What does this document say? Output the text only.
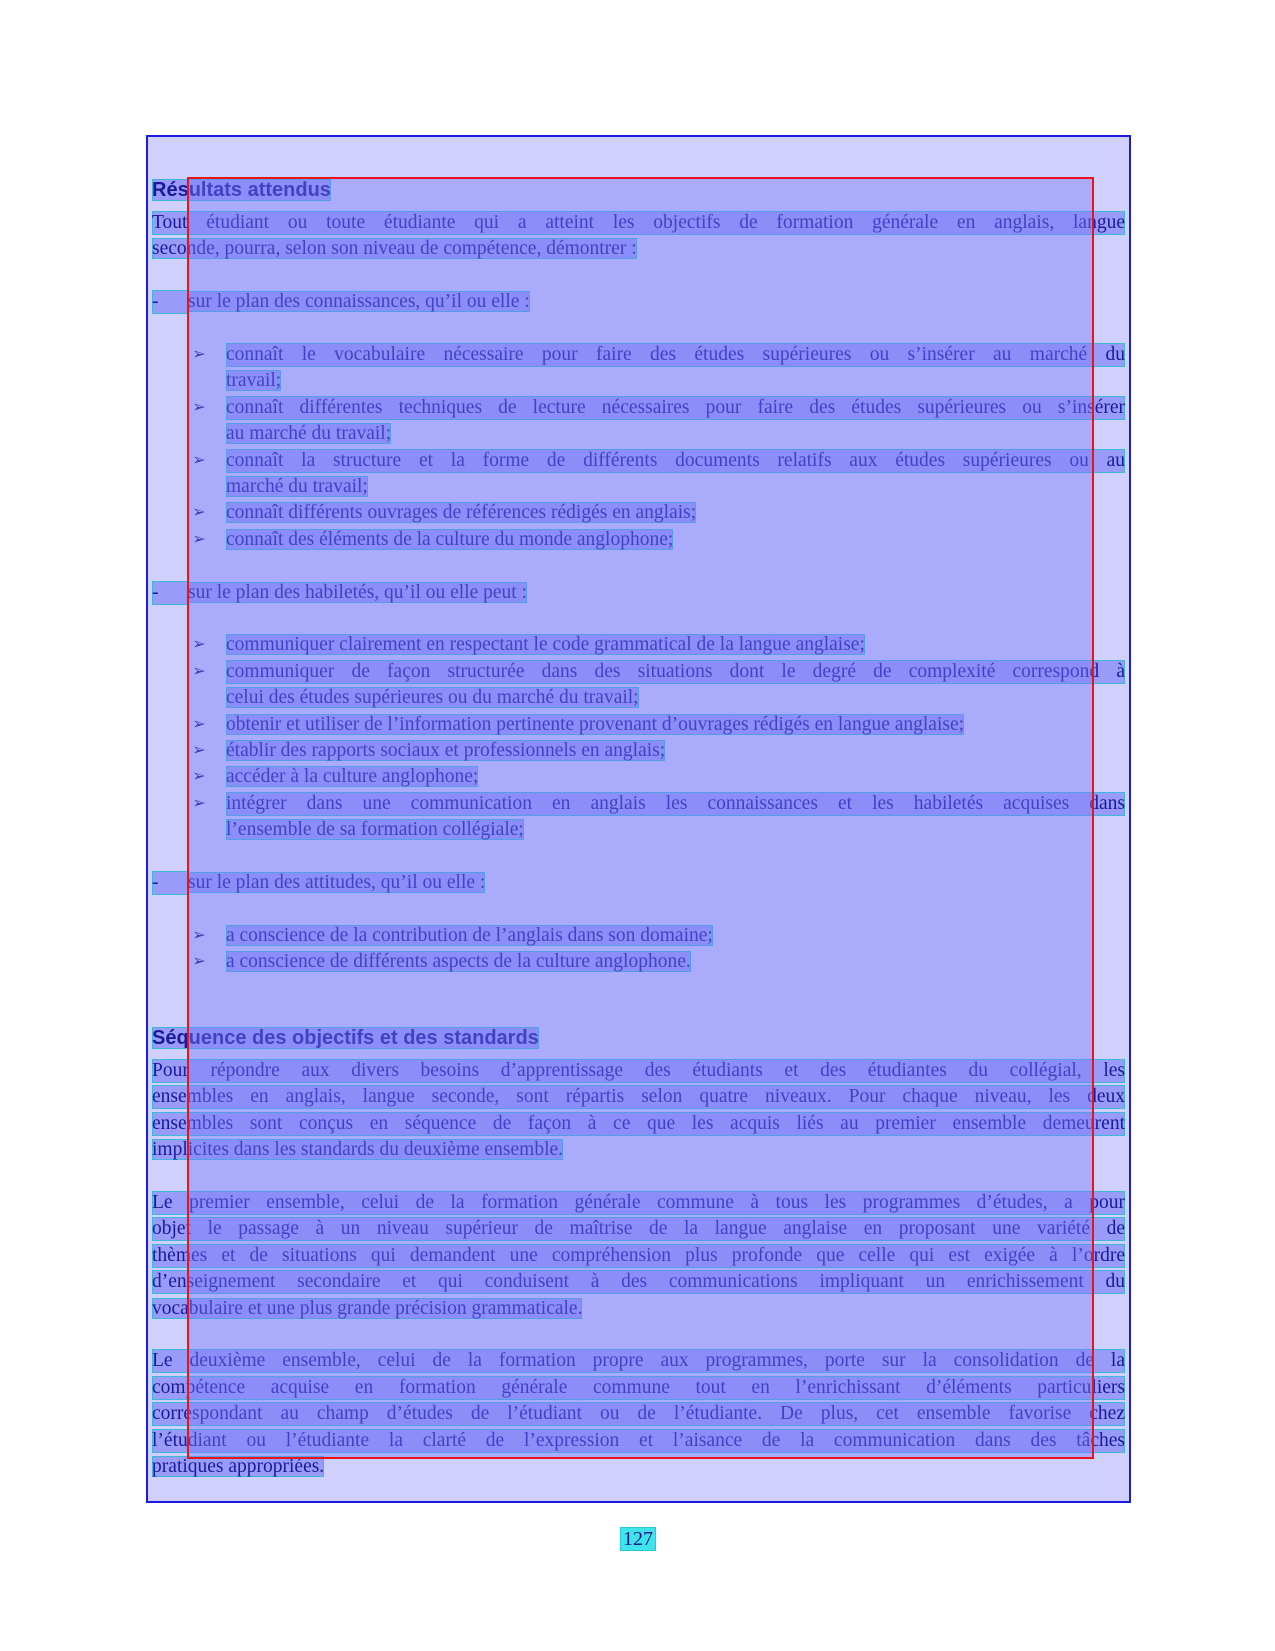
Résultats attendus
Tout étudiant ou toute étudiante qui a atteint les objectifs de formation générale en anglais, langue
seconde, pourra, selon son niveau de compétence, démontrer :
-	sur le plan des connaissances, qu’il ou elle :
➢ connaît le vocabulaire nécessaire pour faire des études supérieures ou s’insérer au marché du
travail;
➢ connaît différentes techniques de lecture nécessaires pour faire des études supérieures ou s’insérer
au marché du travail;
➢ connaît la structure et la forme de différents documents relatifs aux études supérieures ou au
marché du travail;
➢ connaît différents ouvrages de références rédigés en anglais;
➢ connaît des éléments de la culture du monde anglophone;
-	sur le plan des habiletés, qu’il ou elle peut :
➢ communiquer clairement en respectant le code grammatical de la langue anglaise;
➢ communiquer de façon structurée dans des situations dont le degré de complexité correspond à
celui des études supérieures ou du marché du travail;
➢ obtenir et utiliser de l’information pertinente provenant d’ouvrages rédigés en langue anglaise;
➢ établir des rapports sociaux et professionnels en anglais;
➢ accéder à la culture anglophone;
➢ intégrer dans une communication en anglais les connaissances et les habiletés acquises dans
l’ensemble de sa formation collégiale;
-	sur le plan des attitudes, qu’il ou elle :
➢ a conscience de la contribution de l’anglais dans son domaine;
➢ a conscience de différents aspects de la culture anglophone.
Séquence des objectifs et des standards
Pour répondre aux divers besoins d’apprentissage des étudiants et des étudiantes du collégial, les
ensembles en anglais, langue seconde, sont répartis selon quatre niveaux. Pour chaque niveau, les deux
ensembles sont conçus en séquence de façon à ce que les acquis liés au premier ensemble demeurent
implicites dans les standards du deuxième ensemble.
Le premier ensemble, celui de la formation générale commune à tous les programmes d’études, a pour
objet le passage à un niveau supérieur de maîtrise de la langue anglaise en proposant une variété de
thèmes et de situations qui demandent une compréhension plus profonde que celle qui est exigée à l’ordre
d’enseignement secondaire et qui conduisent à des communications impliquant un enrichissement du
vocabulaire et une plus grande précision grammaticale.
Le deuxième ensemble, celui de la formation propre aux programmes, porte sur la consolidation de la
compétence acquise en formation générale commune tout en l’enrichissant d’éléments particuliers
correspondant au champ d’études de l’étudiant ou de l’étudiante. De plus, cet ensemble favorise chez
l’étudiant ou l’étudiante la clarté de l’expression et l’aisance de la communication dans des tâches
pratiques appropriées.
127
